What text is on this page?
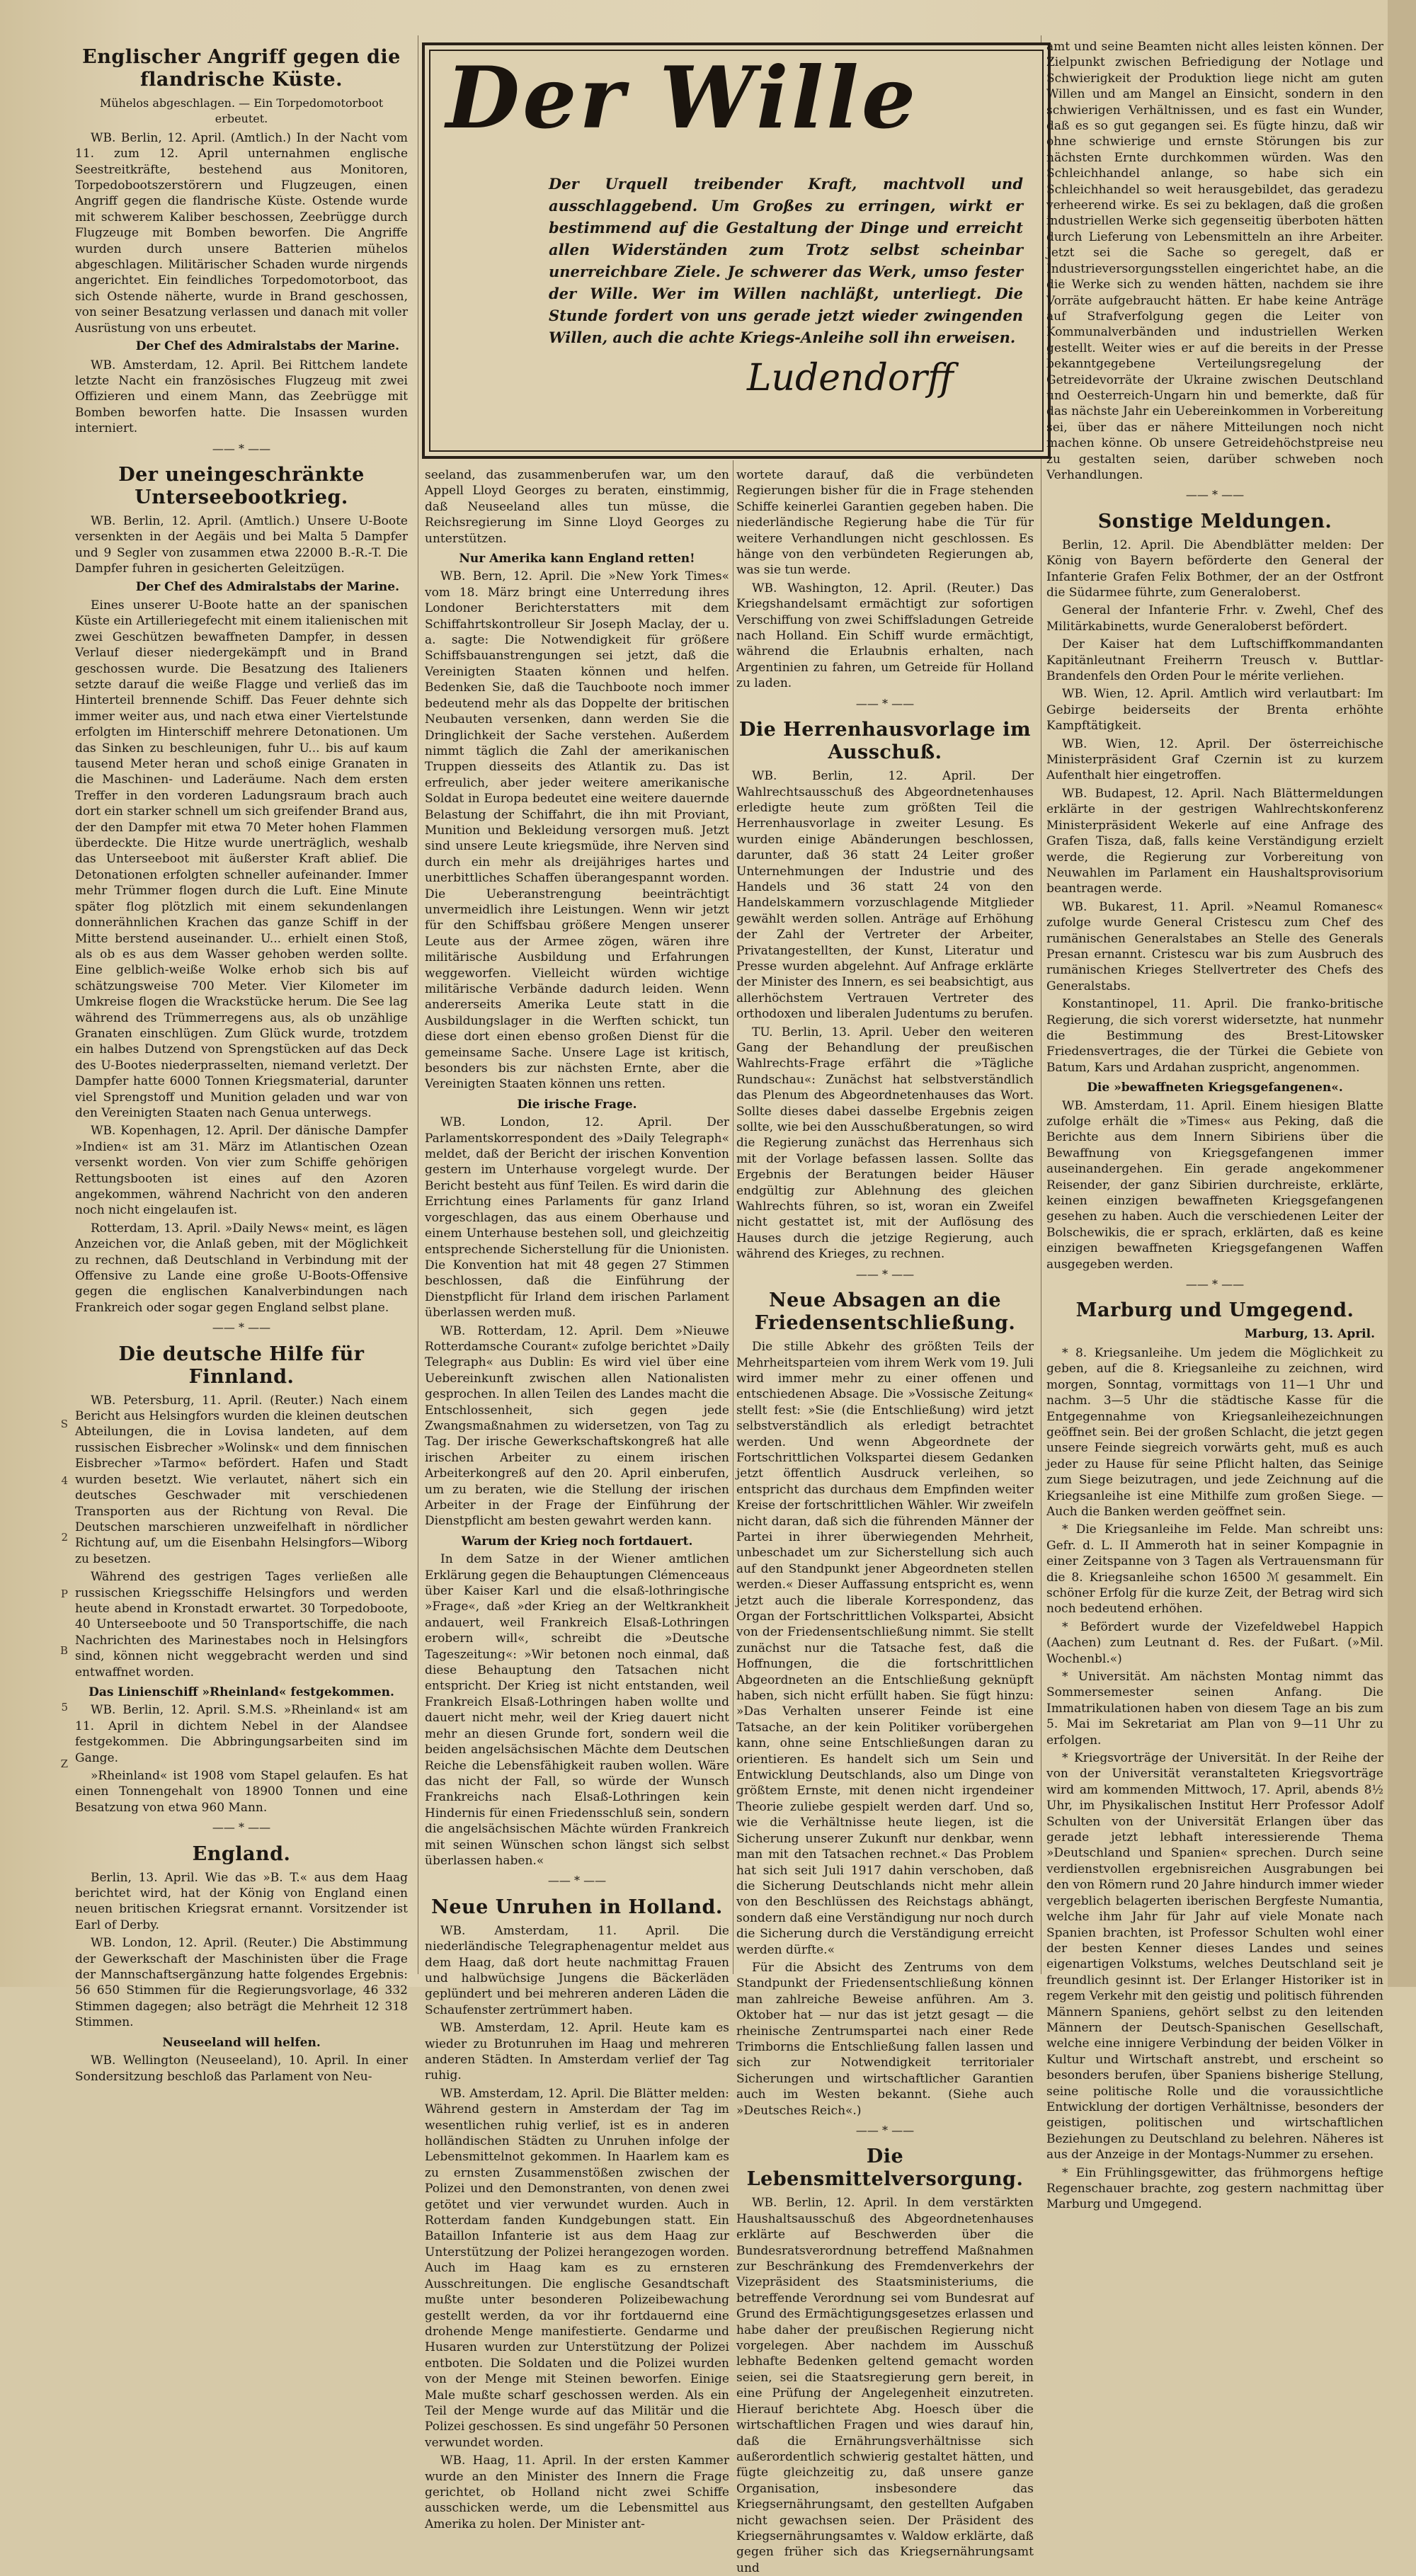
S
4
2
P
B
5
Z
Englischer Angriff gegen die flandrische Küste.
Mühelos abgeschlagen. — Ein Torpedomotorboot erbeutet.

WB. Berlin, 12. April. (Amtlich.) In der Nacht vom 11. zum 12. April unternahmen englische Seestreitkräfte, bestehend aus Monitoren, Torpedobootszerstörern und Flugzeugen, einen Angriff gegen die flandrische Küste. Ostende wurde mit schwerem Kaliber beschossen, Zeebrügge durch Flugzeuge mit Bomben beworfen. Die Angriffe wurden durch unsere Batterien mühelos abgeschlagen. Militärischer Schaden wurde nirgends angerichtet. Ein feindliches Torpedomotorboot, das sich Ostende näherte, wurde in Brand geschossen, von seiner Besatzung verlassen und danach mit voller Ausrüstung von uns erbeutet.

Der Chef des Admiralstabs der Marine.

WB. Amsterdam, 12. April. Bei Rittchem landete letzte Nacht ein französisches Flugzeug mit zwei Offizieren und einem Mann, das Zeebrügge mit Bomben beworfen hatte. Die Insassen wurden interniert.

—— * ——
Der uneingeschränkte Unterseebootkrieg.

WB. Berlin, 12. April. (Amtlich.) Unsere U-Boote versenkten in der Aegäis und bei Malta 5 Dampfer und 9 Segler von zusammen etwa 22000 B.-R.-T. Die Dampfer fuhren in gesicherten Geleitzügen.

Der Chef des Admiralstabs der Marine.

Eines unserer U-Boote hatte an der spanischen Küste ein Artilleriegefecht mit einem italienischen mit zwei Geschützen bewaffneten Dampfer, in dessen Verlauf dieser niedergekämpft und in Brand geschossen wurde. Die Besatzung des Italieners setzte darauf die weiße Flagge und verließ das im Hinterteil brennende Schiff. Das Feuer dehnte sich immer weiter aus, und nach etwa einer Viertelstunde erfolgten im Hinterschiff mehrere Detonationen. Um das Sinken zu beschleunigen, fuhr U... bis auf kaum tausend Meter heran und schoß einige Granaten in die Maschinen- und Laderäume. Nach dem ersten Treffer in den vorderen Ladungsraum brach auch dort ein starker schnell um sich greifender Brand aus, der den Dampfer mit etwa 70 Meter hohen Flammen überdeckte. Die Hitze wurde unerträglich, weshalb das Unterseeboot mit äußerster Kraft ablief. Die Detonationen erfolgten schneller aufeinander. Immer mehr Trümmer flogen durch die Luft. Eine Minute später flog plötzlich mit einem sekundenlangen donnerähnlichen Krachen das ganze Schiff in der Mitte berstend auseinander. U... erhielt einen Stoß, als ob es aus dem Wasser gehoben werden sollte. Eine gelblich-weiße Wolke erhob sich bis auf schätzungsweise 700 Meter. Vier Kilometer im Umkreise flogen die Wrackstücke herum. Die See lag während des Trümmerregens aus, als ob unzählige Granaten einschlügen. Zum Glück wurde, trotzdem ein halbes Dutzend von Sprengstücken auf das Deck des U-Bootes niederprasselten, niemand verletzt. Der Dampfer hatte 6000 Tonnen Kriegsmaterial, darunter viel Sprengstoff und Munition geladen und war von den Vereinigten Staaten nach Genua unterwegs.

WB. Kopenhagen, 12. April. Der dänische Dampfer »Indien« ist am 31. März im Atlantischen Ozean versenkt worden. Von vier zum Schiffe gehörigen Rettungsbooten ist eines auf den Azoren angekommen, während Nachricht von den anderen noch nicht eingelaufen ist.

Rotterdam, 13. April. »Daily News« meint, es lägen Anzeichen vor, die Anlaß geben, mit der Möglichkeit zu rechnen, daß Deutschland in Verbindung mit der Offensive zu Lande eine große U-Boots-Offensive gegen die englischen Kanalverbindungen nach Frankreich oder sogar gegen England selbst plane.

—— * ——
Die deutsche Hilfe für Finnland.

WB. Petersburg, 11. April. (Reuter.) Nach einem Bericht aus Helsingfors wurden die kleinen deutschen Abteilungen, die in Lovisa landeten, auf dem russischen Eisbrecher »Wolinsk« und dem finnischen Eisbrecher »Tarmo« befördert. Hafen und Stadt wurden besetzt. Wie verlautet, nähert sich ein deutsches Geschwader mit verschiedenen Transporten aus der Richtung von Reval. Die Deutschen marschieren unzweifelhaft in nördlicher Richtung auf, um die Eisenbahn Helsingfors—Wiborg zu besetzen.

Während des gestrigen Tages verließen alle russischen Kriegsschiffe Helsingfors und werden heute abend in Kronstadt erwartet. 30 Torpedoboote, 40 Unterseeboote und 50 Transportschiffe, die nach Nachrichten des Marinestabes noch in Helsingfors sind, können nicht weggebracht werden und sind entwaffnet worden.

Das Linienschiff »Rheinland« festgekommen.

WB. Berlin, 12. April. S.M.S. »Rheinland« ist am 11. April in dichtem Nebel in der Alandsee festgekommen. Die Abbringungsarbeiten sind im Gange.

»Rheinland« ist 1908 vom Stapel gelaufen. Es hat einen Tonnengehalt von 18900 Tonnen und eine Besatzung von etwa 960 Mann.

—— * ——
England.

Berlin, 13. April. Wie das »B. T.« aus dem Haag berichtet wird, hat der König von England einen neuen britischen Kriegsrat ernannt. Vorsitzender ist Earl of Derby.

WB. London, 12. April. (Reuter.) Die Abstimmung der Gewerkschaft der Maschinisten über die Frage der Mannschaftsergänzung hatte folgendes Ergebnis: 56 650 Stimmen für die Regierungsvorlage, 46 332 Stimmen dagegen; also beträgt die Mehrheit 12 318 Stimmen.

Neuseeland will helfen.

WB. Wellington (Neuseeland), 10. April. In einer Sondersitzung beschloß das Parlament von Neu-

Der Wille
Der Urquell treibender Kraft, machtvoll und ausschlaggebend. Um Großes zu erringen, wirkt er bestimmend auf die Gestaltung der Dinge und erreicht allen Widerständen zum Trotz selbst scheinbar unerreichbare Ziele. Je schwerer das Werk, umso fester der Wille. Wer im Willen nachläßt, unterliegt. Die Stunde fordert von uns gerade jetzt wieder zwingenden Willen, auch die achte Kriegs-Anleihe soll ihn erweisen.
Ludendorff

seeland, das zusammenberufen war, um den Appell Lloyd Georges zu beraten, einstimmig, daß Neuseeland alles tun müsse, die Reichsregierung im Sinne Lloyd Georges zu unterstützen.

Nur Amerika kann England retten!

WB. Bern, 12. April. Die »New York Times« vom 18. März bringt eine Unterredung ihres Londoner Berichterstatters mit dem Schiffahrtskontrolleur Sir Joseph Maclay, der u. a. sagte: Die Notwendigkeit für größere Schiffsbauanstrengungen sei jetzt, daß die Vereinigten Staaten können und helfen. Bedenken Sie, daß die Tauchboote noch immer bedeutend mehr als das Doppelte der britischen Neubauten versenken, dann werden Sie die Dringlichkeit der Sache verstehen. Außerdem nimmt täglich die Zahl der amerikanischen Truppen diesseits des Atlantik zu. Das ist erfreulich, aber jeder weitere amerikanische Soldat in Europa bedeutet eine weitere dauernde Belastung der Schiffahrt, die ihn mit Proviant, Munition und Bekleidung versorgen muß. Jetzt sind unsere Leute kriegsmüde, ihre Nerven sind durch ein mehr als dreijähriges hartes und unerbittliches Schaffen überangespannt worden. Die Ueberanstrengung beeinträchtigt unvermeidlich ihre Leistungen. Wenn wir jetzt für den Schiffsbau größere Mengen unserer Leute aus der Armee zögen, wären ihre militärische Ausbildung und Erfahrungen weggeworfen. Vielleicht würden wichtige militärische Verbände dadurch leiden. Wenn andererseits Amerika Leute statt in die Ausbildungslager in die Werften schickt, tun diese dort einen ebenso großen Dienst für die gemeinsame Sache. Unsere Lage ist kritisch, besonders bis zur nächsten Ernte, aber die Vereinigten Staaten können uns retten.

Die irische Frage.

WB. London, 12. April. Der Parlamentskorrespondent des »Daily Telegraph« meldet, daß der Bericht der irischen Konvention gestern im Unterhause vorgelegt wurde. Der Bericht besteht aus fünf Teilen. Es wird darin die Errichtung eines Parlaments für ganz Irland vorgeschlagen, das aus einem Oberhause und einem Unterhause bestehen soll, und gleichzeitig entsprechende Sicherstellung für die Unionisten. Die Konvention hat mit 48 gegen 27 Stimmen beschlossen, daß die Einführung der Dienstpflicht für Irland dem irischen Parlament überlassen werden muß.

WB. Rotterdam, 12. April. Dem »Nieuwe Rotterdamsche Courant« zufolge berichtet »Daily Telegraph« aus Dublin: Es wird viel über eine Uebereinkunft zwischen allen Nationalisten gesprochen. In allen Teilen des Landes macht die Entschlossenheit, sich gegen jede Zwangsmaßnahmen zu widersetzen, von Tag zu Tag. Der irische Gewerkschaftskongreß hat alle irischen Arbeiter zu einem irischen Arbeiterkongreß auf den 20. April einberufen, um zu beraten, wie die Stellung der irischen Arbeiter in der Frage der Einführung der Dienstpflicht am besten gewahrt werden kann.

Warum der Krieg noch fortdauert.

In dem Satze in der Wiener amtlichen Erklärung gegen die Behauptungen Clémenceaus über Kaiser Karl und die elsaß-lothringische »Frage«, daß »der Krieg an der Weltkrankheit andauert, weil Frankreich Elsaß-Lothringen erobern will«, schreibt die »Deutsche Tageszeitung«: »Wir betonen noch einmal, daß diese Behauptung den Tatsachen nicht entspricht. Der Krieg ist nicht entstanden, weil Frankreich Elsaß-Lothringen haben wollte und dauert nicht mehr, weil der Krieg dauert nicht mehr an diesen Grunde fort, sondern weil die beiden angelsächsischen Mächte dem Deutschen Reiche die Lebensfähigkeit rauben wollen. Wäre das nicht der Fall, so würde der Wunsch Frankreichs nach Elsaß-Lothringen kein Hindernis für einen Friedensschluß sein, sondern die angelsächsischen Mächte würden Frankreich mit seinen Wünschen schon längst sich selbst überlassen haben.«

—— * ——
Neue Unruhen in Holland.

WB. Amsterdam, 11. April. Die niederländische Telegraphenagentur meldet aus dem Haag, daß dort heute nachmittag Frauen und halbwüchsige Jungens die Bäckerläden geplündert und bei mehreren anderen Läden die Schaufenster zertrümmert haben.

WB. Amsterdam, 12. April. Heute kam es wieder zu Brotunruhen im Haag und mehreren anderen Städten. In Amsterdam verlief der Tag ruhig.

WB. Amsterdam, 12. April. Die Blätter melden: Während gestern in Amsterdam der Tag im wesentlichen ruhig verlief, ist es in anderen holländischen Städten zu Unruhen infolge der Lebensmittelnot gekommen. In Haarlem kam es zu ernsten Zusammenstößen zwischen der Polizei und den Demonstranten, von denen zwei getötet und vier verwundet wurden. Auch in Rotterdam fanden Kundgebungen statt. Ein Bataillon Infanterie ist aus dem Haag zur Unterstützung der Polizei herangezogen worden. Auch im Haag kam es zu ernsteren Ausschreitungen. Die englische Gesandtschaft mußte unter besonderen Polizeibewachung gestellt werden, da vor ihr fortdauernd eine drohende Menge manifestierte. Gendarme und Husaren wurden zur Unterstützung der Polizei entboten. Die Soldaten und die Polizei wurden von der Menge mit Steinen beworfen. Einige Male mußte scharf geschossen werden. Als ein Teil der Menge wurde auf das Militär und die Polizei geschossen. Es sind ungefähr 50 Personen verwundet worden.

WB. Haag, 11. April. In der ersten Kammer wurde an den Minister des Innern die Frage gerichtet, ob Holland nicht zwei Schiffe ausschicken werde, um die Lebensmittel aus Amerika zu holen. Der Minister ant-

wortete darauf, daß die verbündeten Regierungen bisher für die in Frage stehenden Schiffe keinerlei Garantien gegeben haben. Die niederländische Regierung habe die Tür für weitere Verhandlungen nicht geschlossen. Es hänge von den verbündeten Regierungen ab, was sie tun werde.

WB. Washington, 12. April. (Reuter.) Das Kriegshandelsamt ermächtigt zur sofortigen Verschiffung von zwei Schiffsladungen Getreide nach Holland. Ein Schiff wurde ermächtigt, während die Erlaubnis erhalten, nach Argentinien zu fahren, um Getreide für Holland zu laden.

—— * ——
Die Herrenhausvorlage im Ausschuß.

WB. Berlin, 12. April. Der Wahlrechtsausschuß des Abgeordnetenhauses erledigte heute zum größten Teil die Herrenhausvorlage in zweiter Lesung. Es wurden einige Abänderungen beschlossen, darunter, daß 36 statt 24 Leiter großer Unternehmungen der Industrie und des Handels und 36 statt 24 von den Handelskammern vorzuschlagende Mitglieder gewählt werden sollen. Anträge auf Erhöhung der Zahl der Vertreter der Arbeiter, Privatangestellten, der Kunst, Literatur und Presse wurden abgelehnt. Auf Anfrage erklärte der Minister des Innern, es sei beabsichtigt, aus allerhöchstem Vertrauen Vertreter des orthodoxen und liberalen Judentums zu berufen.

TU. Berlin, 13. April. Ueber den weiteren Gang der Behandlung der preußischen Wahlrechts-Frage erfährt die »Tägliche Rundschau«: Zunächst hat selbstverständlich das Plenum des Abgeordnetenhauses das Wort. Sollte dieses dabei dasselbe Ergebnis zeigen sollte, wie bei den Ausschußberatungen, so wird die Regierung zunächst das Herrenhaus sich mit der Vorlage befassen lassen. Sollte das Ergebnis der Beratungen beider Häuser endgültig zur Ablehnung des gleichen Wahlrechts führen, so ist, woran ein Zweifel nicht gestattet ist, mit der Auflösung des Hauses durch die jetzige Regierung, auch während des Krieges, zu rechnen.

—— * ——
Neue Absagen an die Friedensentschließung.

Die stille Abkehr des größten Teils der Mehrheitsparteien vom ihrem Werk vom 19. Juli wird immer mehr zu einer offenen und entschiedenen Absage. Die »Vossische Zeitung« stellt fest: »Sie (die Entschließung) wird jetzt selbstverständlich als erledigt betrachtet werden. Und wenn Abgeordnete der Fortschrittlichen Volkspartei diesem Gedanken jetzt öffentlich Ausdruck verleihen, so entspricht das durchaus dem Empfinden weiter Kreise der fortschrittlichen Wähler. Wir zweifeln nicht daran, daß sich die führenden Männer der Partei in ihrer überwiegenden Mehrheit, unbeschadet um zur Sicherstellung sich auch auf den Standpunkt jener Abgeordneten stellen werden.« Dieser Auffassung entspricht es, wenn jetzt auch die liberale Korrespondenz, das Organ der Fortschrittlichen Volkspartei, Absicht von der Friedensentschließung nimmt. Sie stellt zunächst nur die Tatsache fest, daß die Hoffnungen, die die fortschrittlichen Abgeordneten an die Entschließung geknüpft haben, sich nicht erfüllt haben. Sie fügt hinzu: »Das Verhalten unserer Feinde ist eine Tatsache, an der kein Politiker vorübergehen kann, ohne seine Entschließungen daran zu orientieren. Es handelt sich um Sein und Entwicklung Deutschlands, also um Dinge von größtem Ernste, mit denen nicht irgendeiner Theorie zuliebe gespielt werden darf. Und so, wie die Verhältnisse heute liegen, ist die Sicherung unserer Zukunft nur denkbar, wenn man mit den Tatsachen rechnet.« Das Problem hat sich seit Juli 1917 dahin verschoben, daß die Sicherung Deutschlands nicht mehr allein von den Beschlüssen des Reichstags abhängt, sondern daß eine Verständigung nur noch durch die Sicherung durch die Verständigung erreicht werden dürfte.«

Für die Absicht des Zentrums von dem Standpunkt der Friedensentschließung können man zahlreiche Beweise anführen. Am 3. Oktober hat — nur das ist jetzt gesagt — die rheinische Zentrumspartei nach einer Rede Trimborns die Entschließung fallen lassen und sich zur Notwendigkeit territorialer Sicherungen und wirtschaftlicher Garantien auch im Westen bekannt. (Siehe auch »Deutsches Reich«.)

—— * ——
Die Lebensmittelversorgung.

WB. Berlin, 12. April. In dem verstärkten Haushaltsausschuß des Abgeordnetenhauses erklärte auf Beschwerden über die Bundesratsverordnung betreffend Maßnahmen zur Beschränkung des Fremdenverkehrs der Vizepräsident des Staatsministeriums, die betreffende Verordnung sei vom Bundesrat auf Grund des Ermächtigungsgesetzes erlassen und habe daher der preußischen Regierung nicht vorgelegen. Aber nachdem im Ausschuß lebhafte Bedenken geltend gemacht worden seien, sei die Staatsregierung gern bereit, in eine Prüfung der Angelegenheit einzutreten. Hierauf berichtete Abg. Hoesch über die wirtschaftlichen Fragen und wies darauf hin, daß die Ernährungsverhältnisse sich außerordentlich schwierig gestaltet hätten, und fügte gleichzeitig zu, daß unsere ganze Organisation, insbesondere das Kriegsernährungsamt, den gestellten Aufgaben nicht gewachsen seien. Der Präsident des Kriegsernährungsamtes v. Waldow erklärte, daß gegen früher sich das Kriegsernährungsamt und

amt und seine Beamten nicht alles leisten können. Der Zielpunkt zwischen Befriedigung der Notlage und Schwierigkeit der Produktion liege nicht am guten Willen und am Mangel an Einsicht, sondern in den schwierigen Verhältnissen, und es fast ein Wunder, daß es so gut gegangen sei. Es fügte hinzu, daß wir ohne schwierige und ernste Störungen bis zur nächsten Ernte durchkommen würden. Was den Schleichhandel anlange, so habe sich ein Schleichhandel so weit herausgebildet, das geradezu verheerend wirke. Es sei zu beklagen, daß die großen industriellen Werke sich gegenseitig überboten hätten durch Lieferung von Lebensmitteln an ihre Arbeiter. Jetzt sei die Sache so geregelt, daß er Industrieversorgungsstellen eingerichtet habe, an die die Werke sich zu wenden hätten, nachdem sie ihre Vorräte aufgebraucht hätten. Er habe keine Anträge auf Strafverfolgung gegen die Leiter von Kommunalverbänden und industriellen Werken gestellt. Weiter wies er auf die bereits in der Presse bekanntgegebene Verteilungsregelung der Getreidevorräte der Ukraine zwischen Deutschland und Oesterreich-Ungarn hin und bemerkte, daß für das nächste Jahr ein Uebereinkommen in Vorbereitung sei, über das er nähere Mitteilungen noch nicht machen könne. Ob unsere Getreidehöchstpreise neu zu gestalten seien, darüber schweben noch Verhandlungen.

—— * ——
Sonstige Meldungen.

Berlin, 12. April. Die Abendblätter melden: Der König von Bayern beförderte den General der Infanterie Grafen Felix Bothmer, der an der Ostfront die Südarmee führte, zum Generaloberst.

General der Infanterie Frhr. v. Zwehl, Chef des Militärkabinetts, wurde Generaloberst befördert.

Der Kaiser hat dem Luftschiffkommandanten Kapitänleutnant Freiherrn Treusch v. Buttlar-Brandenfels den Orden Pour le mérite verliehen.

WB. Wien, 12. April. Amtlich wird verlautbart: Im Gebirge beiderseits der Brenta erhöhte Kampftätigkeit.

WB. Wien, 12. April. Der österreichische Ministerpräsident Graf Czernin ist zu kurzem Aufenthalt hier eingetroffen.

WB. Budapest, 12. April. Nach Blättermeldungen erklärte in der gestrigen Wahlrechtskonferenz Ministerpräsident Wekerle auf eine Anfrage des Grafen Tisza, daß, falls keine Verständigung erzielt werde, die Regierung zur Vorbereitung von Neuwahlen im Parlament ein Haushaltsprovisorium beantragen werde.

WB. Bukarest, 11. April. »Neamul Romanesc« zufolge wurde General Cristescu zum Chef des rumänischen Generalstabes an Stelle des Generals Presan ernannt. Cristescu war bis zum Ausbruch des rumänischen Krieges Stellvertreter des Chefs des Generalstabs.

Konstantinopel, 11. April. Die franko-britische Regierung, die sich vorerst widersetzte, hat nunmehr die Bestimmung des Brest-Litowsker Friedensvertrages, die der Türkei die Gebiete von Batum, Kars und Ardahan zuspricht, angenommen.

Die »bewaffneten Kriegsgefangenen«.

WB. Amsterdam, 11. April. Einem hiesigen Blatte zufolge erhält die »Times« aus Peking, daß die Berichte aus dem Innern Sibiriens über die Bewaffnung von Kriegsgefangenen immer auseinandergehen. Ein gerade angekommener Reisender, der ganz Sibirien durchreiste, erklärte, keinen einzigen bewaffneten Kriegsgefangenen gesehen zu haben. Auch die verschiedenen Leiter der Bolschewikis, die er sprach, erklärten, daß es keine einzigen bewaffneten Kriegsgefangenen Waffen ausgegeben werden.

—— * ——
Marburg und Umgegend.
Marburg, 13. April.

* 8. Kriegsanleihe. Um jedem die Möglichkeit zu geben, auf die 8. Kriegsanleihe zu zeichnen, wird morgen, Sonntag, vormittags von 11—1 Uhr und nachm. 3—5 Uhr die städtische Kasse für die Entgegennahme von Kriegsanleihezeichnungen geöffnet sein. Bei der großen Schlacht, die jetzt gegen unsere Feinde siegreich vorwärts geht, muß es auch jeder zu Hause für seine Pflicht halten, das Seinige zum Siege beizutragen, und jede Zeichnung auf die Kriegsanleihe ist eine Mithilfe zum großen Siege. — Auch die Banken werden geöffnet sein.

* Die Kriegsanleihe im Felde. Man schreibt uns: Gefr. d. L. II Ammeroth hat in seiner Kompagnie in einer Zeitspanne von 3 Tagen als Vertrauensmann für die 8. Kriegsanleihe schon 16500 ℳ gesammelt. Ein schöner Erfolg für die kurze Zeit, der Betrag wird sich noch bedeutend erhöhen.

* Befördert wurde der Vizefeldwebel Happich (Aachen) zum Leutnant d. Res. der Fußart. (»Mil. Wochenbl.«)

* Universität. Am nächsten Montag nimmt das Sommersemester seinen Anfang. Die Immatrikulationen haben von diesem Tage an bis zum 5. Mai im Sekretariat am Plan von 9—11 Uhr zu erfolgen.

* Kriegsvorträge der Universität. In der Reihe der von der Universität veranstalteten Kriegsvorträge wird am kommenden Mittwoch, 17. April, abends 8½ Uhr, im Physikalischen Institut Herr Professor Adolf Schulten von der Universität Erlangen über das gerade jetzt lebhaft interessierende Thema »Deutschland und Spanien« sprechen. Durch seine verdienstvollen ergebnisreichen Ausgrabungen bei den von Römern rund 20 Jahre hindurch immer wieder vergeblich belagerten iberischen Bergfeste Numantia, welche ihm Jahr für Jahr auf viele Monate nach Spanien brachten, ist Professor Schulten wohl einer der besten Kenner dieses Landes und seines eigenartigen Volkstums, welches Deutschland seit je freundlich gesinnt ist. Der Erlanger Historiker ist in regem Verkehr mit den geistig und politisch führenden Männern Spaniens, gehört selbst zu den leitenden Männern der Deutsch-Spanischen Gesellschaft, welche eine innigere Verbindung der beiden Völker in Kultur und Wirtschaft anstrebt, und erscheint so besonders berufen, über Spaniens bisherige Stellung, seine politische Rolle und die voraussichtliche Entwicklung der dortigen Verhältnisse, besonders der geistigen, politischen und wirtschaftlichen Beziehungen zu Deutschland zu belehren. Näheres ist aus der Anzeige in der Montags-Nummer zu ersehen.

* Ein Frühlingsgewitter, das frühmorgens heftige Regenschauer brachte, zog gestern nachmittag über Marburg und Umgegend.
